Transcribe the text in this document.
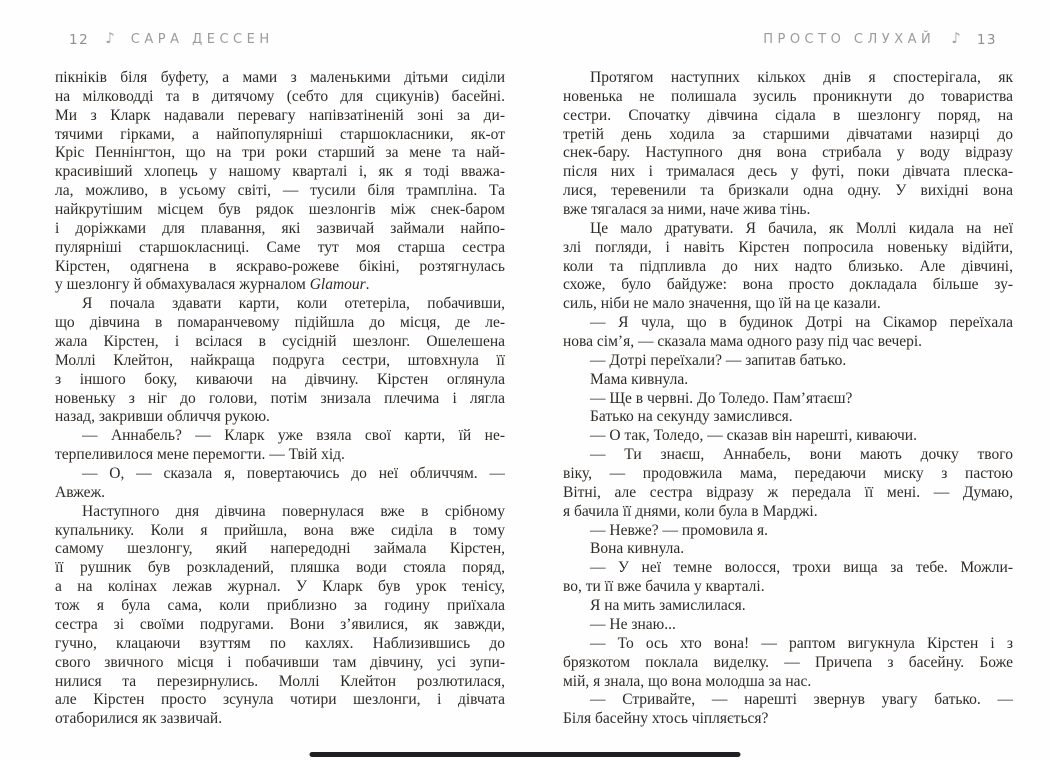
12 ♪ САРА ДЕССЕН

пікніків біля буфету, а мами з маленькими дітьми сиділи
на мілководді та в дитячому (себто для сцикунів) басейні.
Ми з Кларк надавали перевагу напівзатіненій зоні за ди-
тячими гірками, а найпопулярніші старшокласники, як-от
Кріс Пеннінгтон, що на три роки старший за мене та най-
красивіший хлопець у нашому кварталі і, як я тоді вважа-
ла, можливо, в усьому світі, — тусили біля трампліна. Та
найкрутішим місцем був рядок шезлонгів між снек-баром
і доріжками для плавання, які зазвичай займали найпо-
пулярніші старшокласниці. Саме тут моя старша сестра
Кірстен, одягнена в яскраво-рожеве бікіні, розтягнулась
у шезлонгу й обмахувалася журналом Glamour.

Я почала здавати карти, коли отетеріла, побачивши,
що дівчина в помаранчевому підійшла до місця, де ле-
жала Кірстен, і всілася в сусідній шезлонг. Ошелешена
Моллі Клейтон, найкраща подруга сестри, штовхнула її
з іншого боку, киваючи на дівчину. Кірстен оглянула
новеньку з ніг до голови, потім знизала плечима і лягла
назад, закривши обличчя рукою.

— Аннабель? — Кларк уже взяла свої карти, їй не-
терпеливилося мене перемогти. — Твій хід.

— О, — сказала я, повертаючись до неї обличчям. —
Авжеж.

Наступного дня дівчина повернулася вже в срібному
купальнику. Коли я прийшла, вона вже сиділа в тому
самому шезлонгу, який напередодні займала Кірстен,
її рушник був розкладений, пляшка води стояла поряд,
а на колінах лежав журнал. У Кларк був урок тенісу,
тож я була сама, коли приблизно за годину приїхала
сестра зі своїми подругами. Вони з’явилися, як завжди,
гучно, клацаючи взуттям по кахлях. Наблизившись до
свого звичного місця і побачивши там дівчину, усі зупи-
нилися та перезирнулись. Моллі Клейтон розлютилася,
але Кірстен просто зсунула чотири шезлонги, і дівчата
отаборилися як зазвичай.

ПРОСТО СЛУХАЙ ♪ 13

Протягом наступних кількох днів я спостерігала, як
новенька не полишала зусиль проникнути до товариства
сестри. Спочатку дівчина сідала в шезлонгу поряд, на
третій день ходила за старшими дівчатами назирці до
снек-бару. Наступного дня вона стрибала у воду відразу
після них і трималася десь у футі, поки дівчата плеска-
лися, теревенили та бризкали одна одну. У вихідні вона
вже тягалася за ними, наче жива тінь.

Це мало дратувати. Я бачила, як Моллі кидала на неї
злі погляди, і навіть Кірстен попросила новеньку відійти,
коли та підпливла до них надто близько. Але дівчині,
схоже, було байдуже: вона просто докладала більше зу-
силь, ніби не мало значення, що їй на це казали.

— Я чула, що в будинок Дотрі на Сікамор переїхала
нова сім’я, — сказала мама одного разу під час вечері.

— Дотрі переїхали? — запитав батько.

Мама кивнула.

— Ще в червні. До Толедо. Пам’ятаєш?

Батько на секунду замислився.

— О так, Толедо, — сказав він нарешті, киваючи.

— Ти знаєш, Аннабель, вони мають дочку твого
віку, — продовжила мама, передаючи миску з пастою
Вітні, але сестра відразу ж передала її мені. — Думаю,
я бачила її днями, коли була в Марджі.

— Невже? — промовила я.

Вона кивнула.

— У неї темне волосся, трохи вища за тебе. Можли-
во, ти її вже бачила у кварталі.

Я на мить замислилася.

— Не знаю...

— То ось хто вона! — раптом вигукнула Кірстен і з
брязкотом поклала виделку. — Причепа з басейну. Боже
мій, я знала, що вона молодша за нас.

— Стривайте, — нарешті звернув увагу батько. —
Біля басейну хтось чіпляється?
